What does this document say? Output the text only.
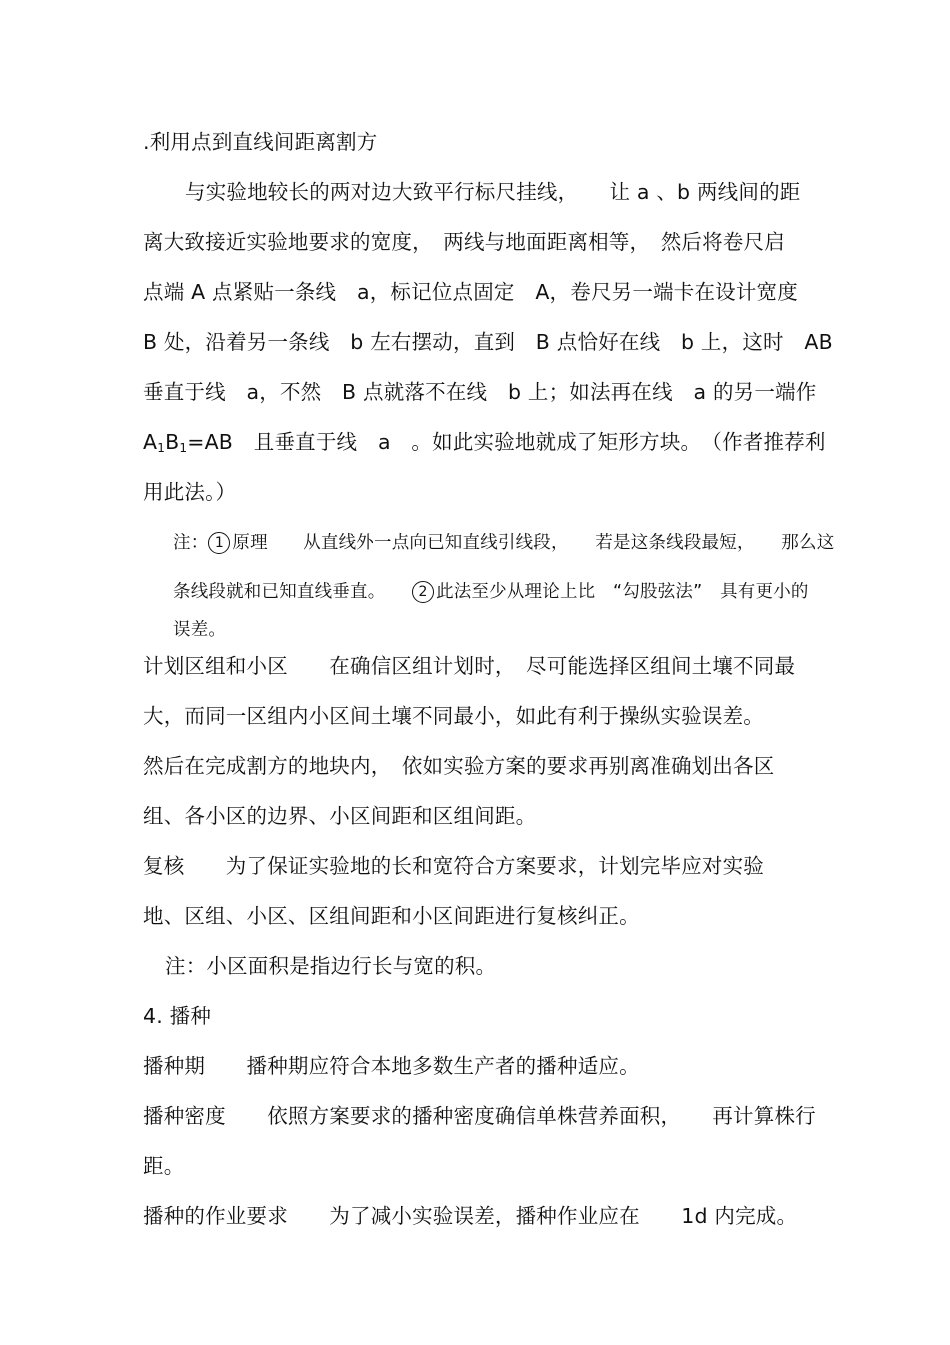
.利用点到直线间距离割方
与实验地较长的两对边大致平行标尺挂线，　　让 a 、b 两线间的距
离大致接近实验地要求的宽度，　两线与地面距离相等，　然后将卷尺启
点端 A 点紧贴一条线　a，标记位点固定　A，卷尺另一端卡在设计宽度
B 处，沿着另一条线　b 左右摆动，直到　B 点恰好在线　b 上，这时　AB
垂直于线　a，不然　B 点就落不在线　b 上；如法再在线　a 的另一端作
$A_1B_1=AB$　且垂直于线　a　。如此实验地就成了矩形方块。　（作者推荐利
用此法。）
注： 1 原理　　从直线外一点向已知直线引线段，　　若是这条线段最短，　　那么这
条线段就和已知直线垂直。　　2 此法至少从理论上比　“勾股弦法”　具有更小的
误差。
计划区组和小区　　在确信区组计划时，　尽可能选择区组间土壤不同最
大，而同一区组内小区间土壤不同最小，如此有利于操纵实验误差。
然后在完成割方的地块内，　依如实验方案的要求再别离准确划出各区
组、各小区的边界、小区间距和区组间距。
复核　　为了保证实验地的长和宽符合方案要求，计划完毕应对实验
地、区组、小区、区组间距和小区间距进行复核纠正。
注：小区面积是指边行长与宽的积。
4. 播种
播种期　　播种期应符合本地多数生产者的播种适应。
播种密度　　依照方案要求的播种密度确信单株营养面积，　　再计算株行
距。
播种的作业要求　　为了减小实验误差，播种作业应在　　1d 内完成。
